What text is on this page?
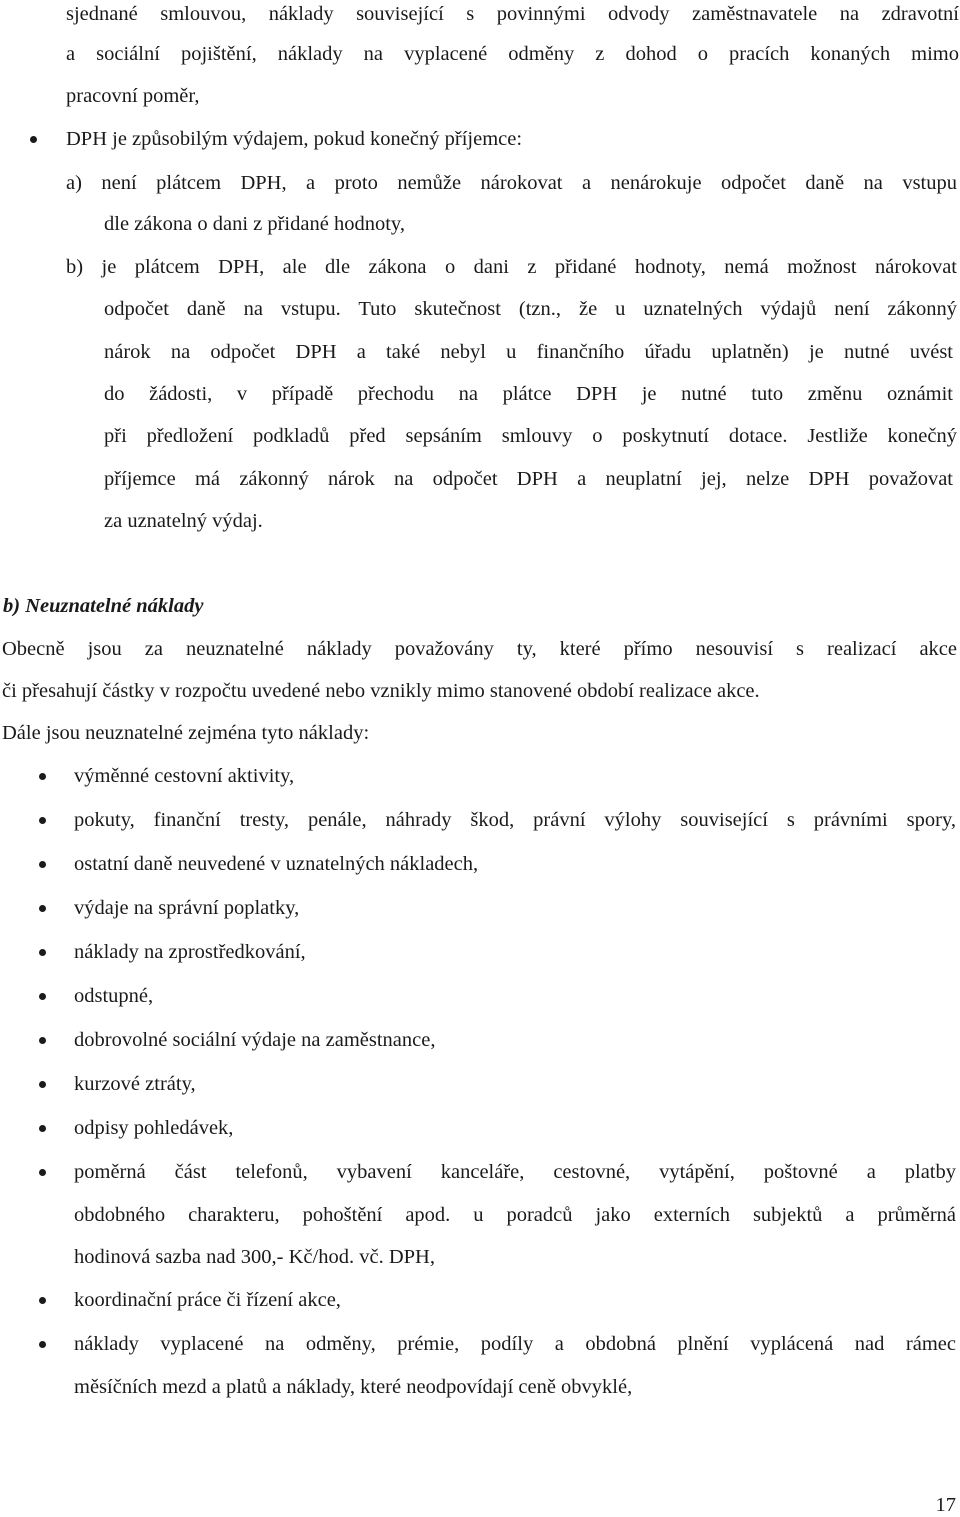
sjednané smlouvou, náklady související s povinnými odvody zaměstnavatele na zdravotní
a sociální pojištění, náklady na vyplacené odměny z dohod o pracích konaných mimo
pracovní poměr,
DPH je způsobilým výdajem, pokud konečný příjemce:
a) není plátcem DPH, a proto nemůže nárokovat a nenárokuje odpočet daně na vstupu
dle zákona o dani z přidané hodnoty,
b) je plátcem DPH, ale dle zákona o dani z přidané hodnoty, nemá možnost nárokovat
odpočet daně na vstupu. Tuto skutečnost (tzn., že u uznatelných výdajů není zákonný
nárok na odpočet DPH a také nebyl u finančního úřadu uplatněn) je nutné uvést
do žádosti, v případě přechodu na plátce DPH je nutné tuto změnu oznámit
při předložení podkladů před sepsáním smlouvy o poskytnutí dotace. Jestliže konečný
příjemce má zákonný nárok na odpočet DPH a neuplatní jej, nelze DPH považovat
za uznatelný výdaj.
b) Neuznatelné náklady
Obecně jsou za neuznatelné náklady považovány ty, které přímo nesouvisí s realizací akce
či přesahují částky v rozpočtu uvedené nebo vznikly mimo stanovené období realizace akce.
Dále jsou neuznatelné zejména tyto náklady:
výměnné cestovní aktivity,
pokuty, finanční tresty, penále, náhrady škod, právní výlohy související s právními spory,
ostatní daně neuvedené v uznatelných nákladech,
výdaje na správní poplatky,
náklady na zprostředkování,
odstupné,
dobrovolné sociální výdaje na zaměstnance,
kurzové ztráty,
odpisy pohledávek,
poměrná část telefonů, vybavení kanceláře, cestovné, vytápění, poštovné a platby
obdobného charakteru, pohoštění apod. u poradců jako externích subjektů a průměrná
hodinová sazba nad 300,- Kč/hod. vč. DPH,
koordinační práce či řízení akce,
náklady vyplacené na odměny, prémie, podíly a obdobná plnění vyplácená nad rámec
měsíčních mezd a platů a náklady, které neodpovídají ceně obvyklé,
17
